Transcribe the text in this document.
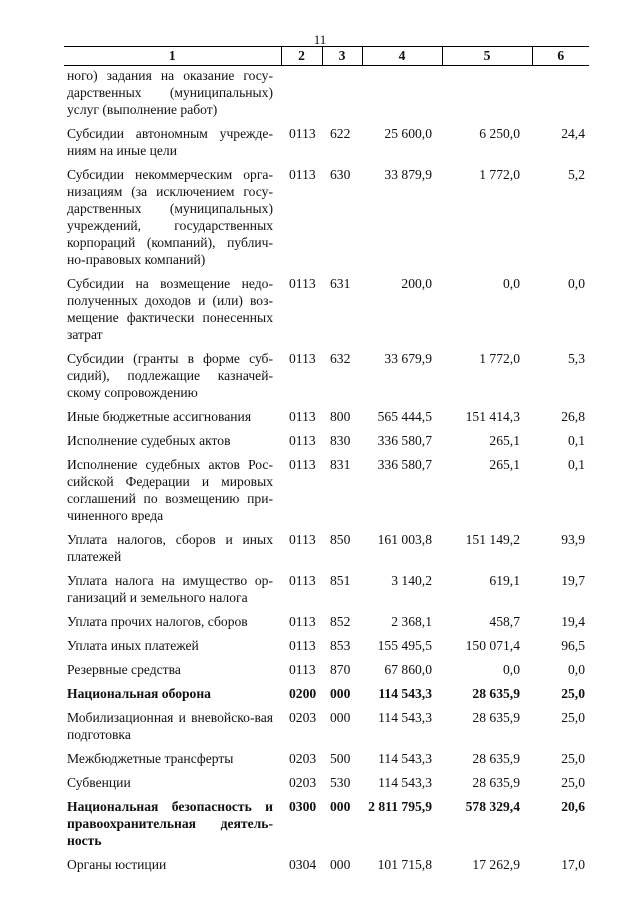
11
1	2	3	4	5	6
ного) задания на оказание госу-дарственных (муниципальных) услуг (выполнение работ)					
Субсидии автономным учрежде-ниям на иные цели	0113	622	25 600,0	6 250,0	24,4
Субсидии некоммерческим орга-низациям (за исключением госу-дарственных (муниципальных) учреждений, государственных корпораций (компаний), публич-но-правовых компаний)	0113	630	33 879,9	1 772,0	5,2
Субсидии на возмещение недо-полученных доходов и (или) воз-мещение фактически понесенных затрат	0113	631	200,0	0,0	0,0
Субсидии (гранты в форме суб-сидий), подлежащие казначей-скому сопровождению	0113	632	33 679,9	1 772,0	5,3
Иные бюджетные ассигнования	0113	800	565 444,5	151 414,3	26,8
Исполнение судебных актов	0113	830	336 580,7	265,1	0,1
Исполнение судебных актов Рос-сийской Федерации и мировых соглашений по возмещению при-чиненного вреда	0113	831	336 580,7	265,1	0,1
Уплата налогов, сборов и иных платежей	0113	850	161 003,8	151 149,2	93,9
Уплата налога на имущество ор-ганизаций и земельного налога	0113	851	3 140,2	619,1	19,7
Уплата прочих налогов, сборов	0113	852	2 368,1	458,7	19,4
Уплата иных платежей	0113	853	155 495,5	150 071,4	96,5
Резервные средства	0113	870	67 860,0	0,0	0,0
Национальная оборона	0200	000	114 543,3	28 635,9	25,0
Мобилизационная и вневойско-вая подготовка	0203	000	114 543,3	28 635,9	25,0
Межбюджетные трансферты	0203	500	114 543,3	28 635,9	25,0
Субвенции	0203	530	114 543,3	28 635,9	25,0
Национальная безопасность и правоохранительная деятель-ность	0300	000	2 811 795,9	578 329,4	20,6
Органы юстиции	0304	000	101 715,8	17 262,9	17,0
